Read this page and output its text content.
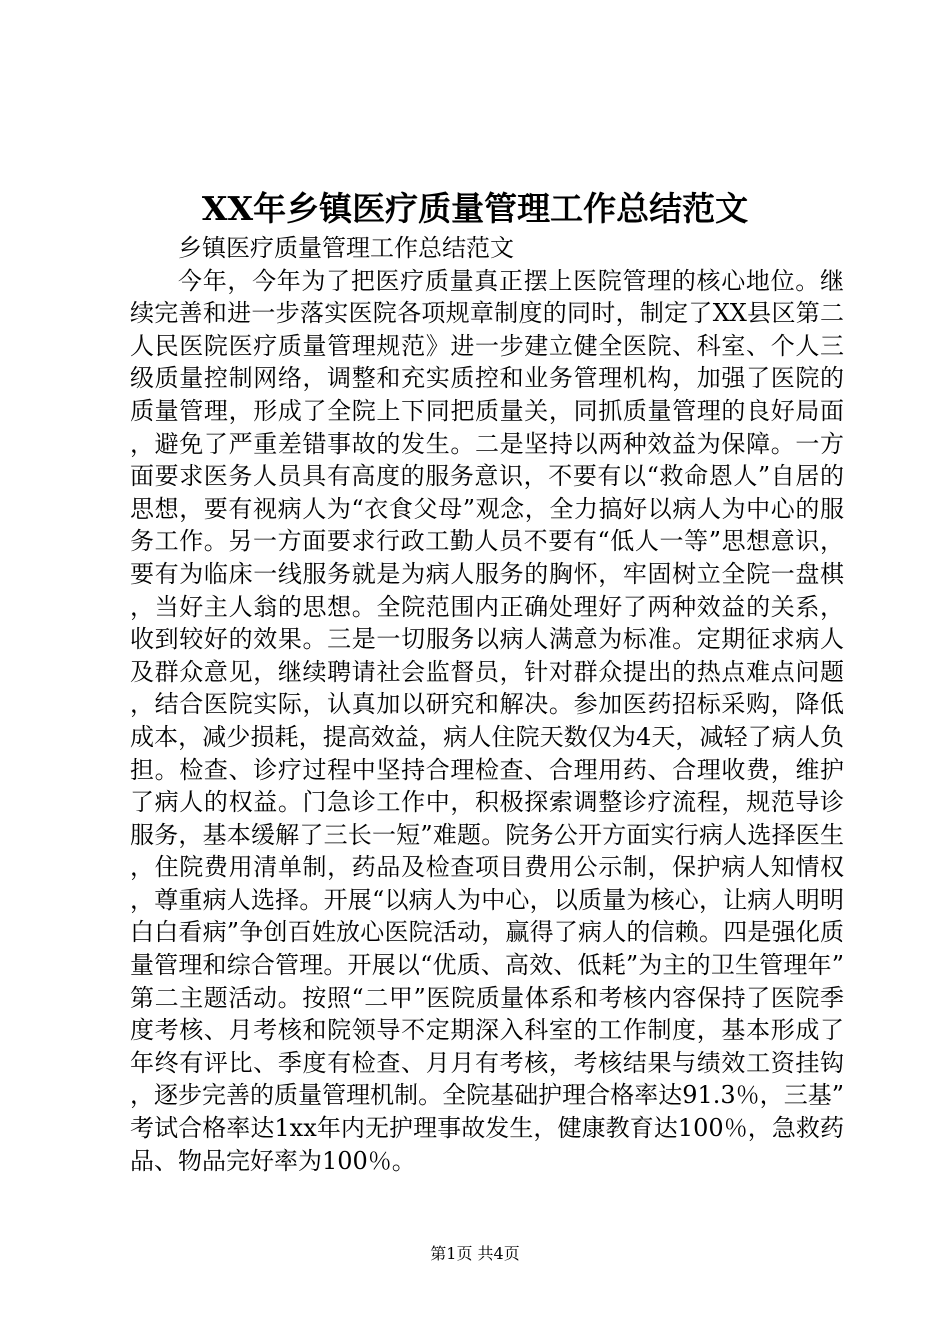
XX年乡镇医疗质量管理工作总结范文

乡镇医疗质量管理工作总结范文

今年，今年为了把医疗质量真正摆上医院管理的核心地位。继续完善和进一步落实医院各项规章制度的同时，制定了XX县区第二人民医院医疗质量管理规范》进一步建立健全医院、科室、个人三级质量控制网络，调整和充实质控和业务管理机构，加强了医院的质量管理，形成了全院上下同把质量关，同抓质量管理的良好局面，避免了严重差错事故的发生。二是坚持以两种效益为保障。一方面要求医务人员具有高度的服务意识，不要有以“救命恩人”自居的思想，要有视病人为“衣食父母”观念，全力搞好以病人为中心的服务工作。另一方面要求行政工勤人员不要有“低人一等”思想意识，要有为临床一线服务就是为病人服务的胸怀，牢固树立全院一盘棋，当好主人翁的思想。全院范围内正确处理好了两种效益的关系，收到较好的效果。三是一切服务以病人满意为标准。定期征求病人及群众意见，继续聘请社会监督员，针对群众提出的热点难点问题，结合医院实际，认真加以研究和解决。参加医药招标采购，降低成本，减少损耗，提高效益，病人住院天数仅为4天，减轻了病人负担。检查、诊疗过程中坚持合理检查、合理用药、合理收费，维护了病人的权益。门急诊工作中，积极探索调整诊疗流程，规范导诊服务，基本缓解了三长一短”难题。院务公开方面实行病人选择医生，住院费用清单制，药品及检查项目费用公示制，保护病人知情权，尊重病人选择。开展“以病人为中心，以质量为核心，让病人明明白白看病”争创百姓放心医院活动，赢得了病人的信赖。四是强化质量管理和综合管理。开展以“优质、高效、低耗”为主的卫生管理年”第二主题活动。按照“二甲”医院质量体系和考核内容保持了医院季度考核、月考核和院领导不定期深入科室的工作制度，基本形成了年终有评比、季度有检查、月月有考核，考核结果与绩效工资挂钩，逐步完善的质量管理机制。全院基础护理合格率达91.3％，三基”考试合格率达1xx年内无护理事故发生，健康教育达100％，急救药品、物品完好率为100％。

第1页 共4页
